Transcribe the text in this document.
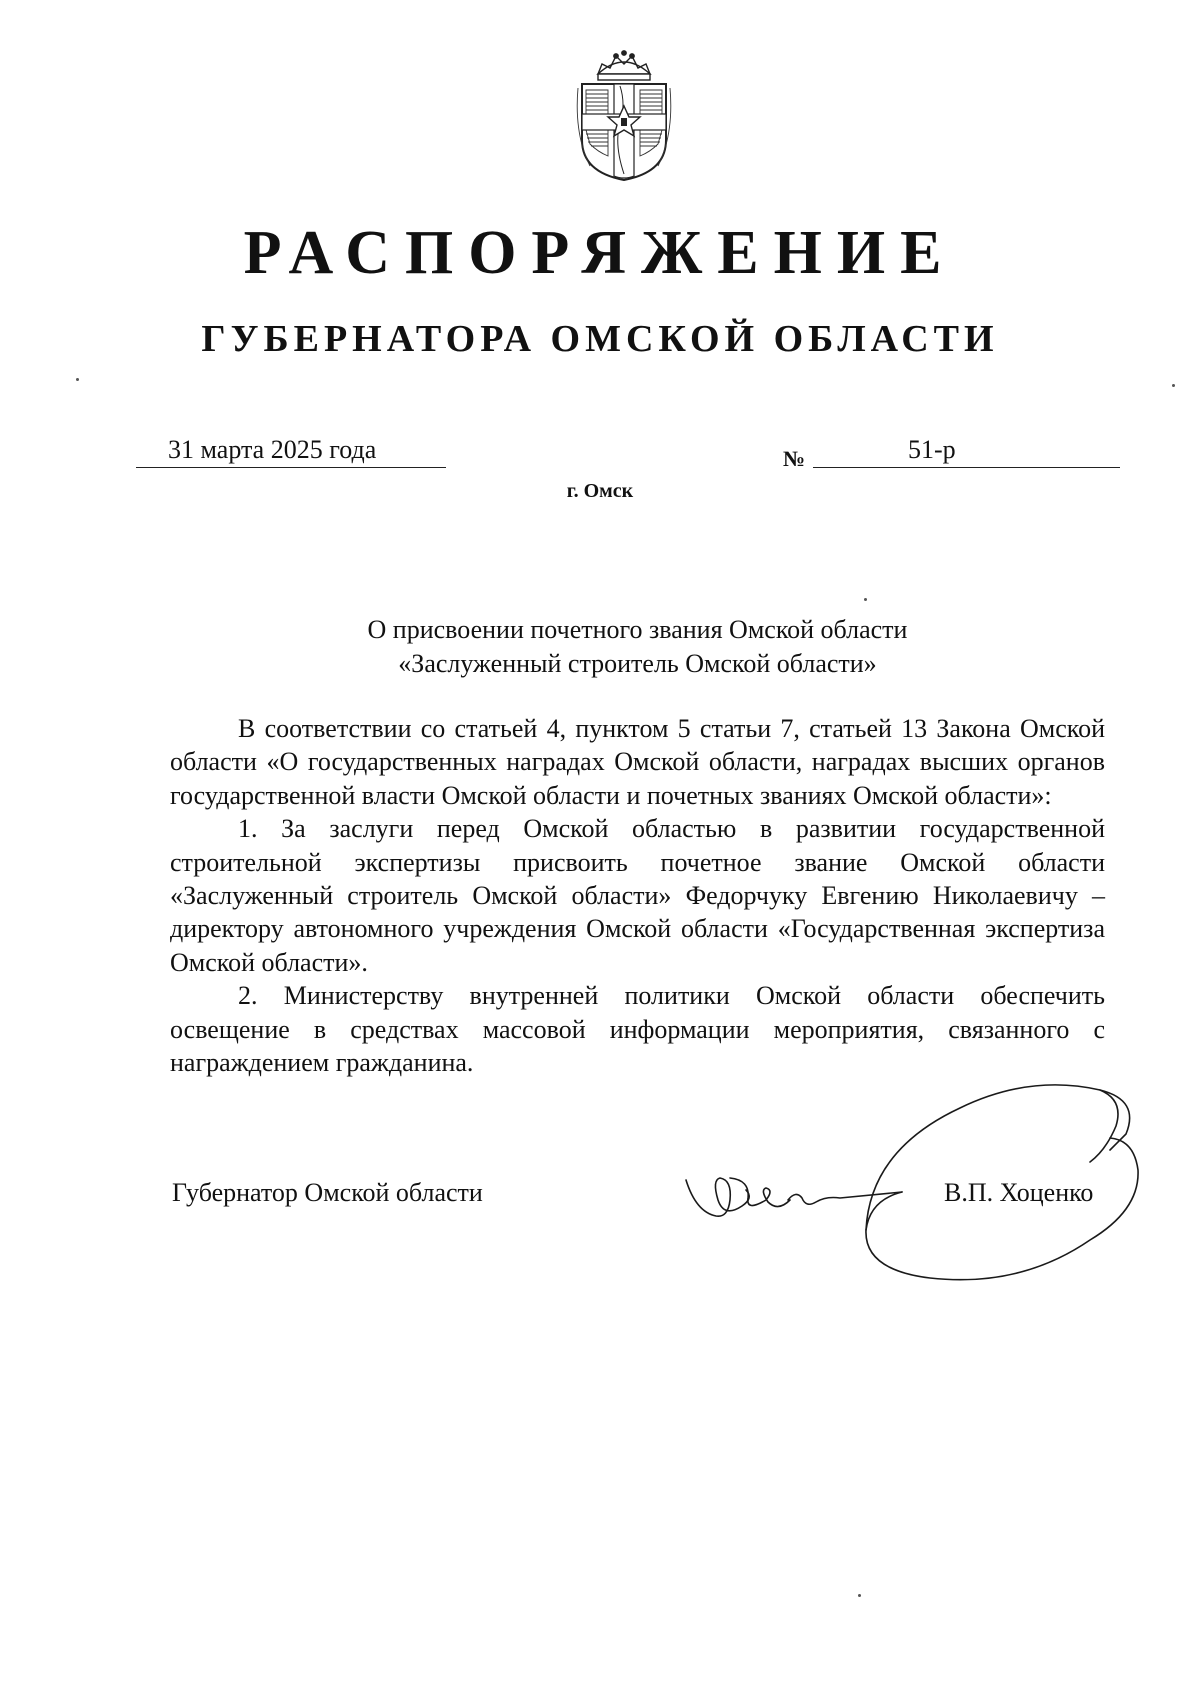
РАСПОРЯЖЕНИЕ
ГУБЕРНАТОРА ОМСКОЙ ОБЛАСТИ
31 марта 2025 года	№	51-р
г. Омск
О присвоении почетного звания Омской области
«Заслуженный строитель Омской области»

В соответствии со статьей 4, пунктом 5 статьи 7, статьей 13 Закона Омской области «О государственных наградах Омской области, наградах высших органов государственной власти Омской области и почетных званиях Омской области»:

1. За заслуги перед Омской областью в развитии государственной строительной экспертизы присвоить почетное звание Омской области «Заслуженный строитель Омской области» Федорчуку Евгению Николаевичу – директору автономного учреждения Омской области «Государственная экспертиза Омской области».

2. Министерству внутренней политики Омской области обеспечить освещение в средствах массовой информации мероприятия, связанного с награждением гражданина.

Губернатор Омской области	В.П. Хоценко
